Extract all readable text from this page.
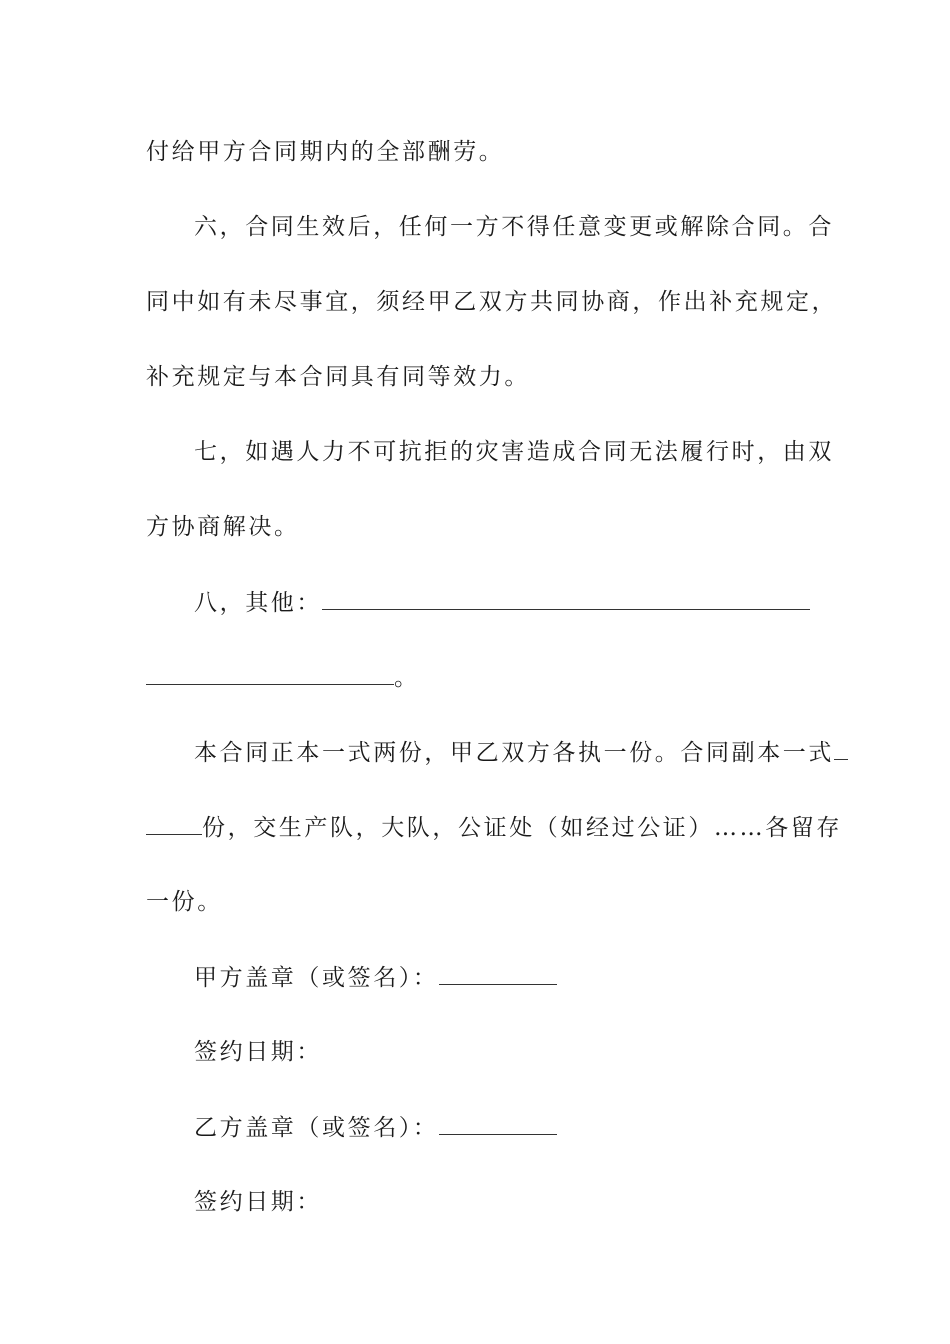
付给甲方合同期内的全部酬劳。
六，合同生效后，任何一方不得任意变更或解除合同。合
同中如有未尽事宜，须经甲乙双方共同协商，作出补充规定，
补充规定与本合同具有同等效力。
七，如遇人力不可抗拒的灾害造成合同无法履行时，由双
方协商解决。
八，其他：
。
本合同正本一式两份，甲乙双方各执一份。合同副本一式
份，交生产队，大队，公证处（如经过公证）……各留存
一份。
甲方盖章（或签名）：
签约日期：
乙方盖章（或签名）：
签约日期：
